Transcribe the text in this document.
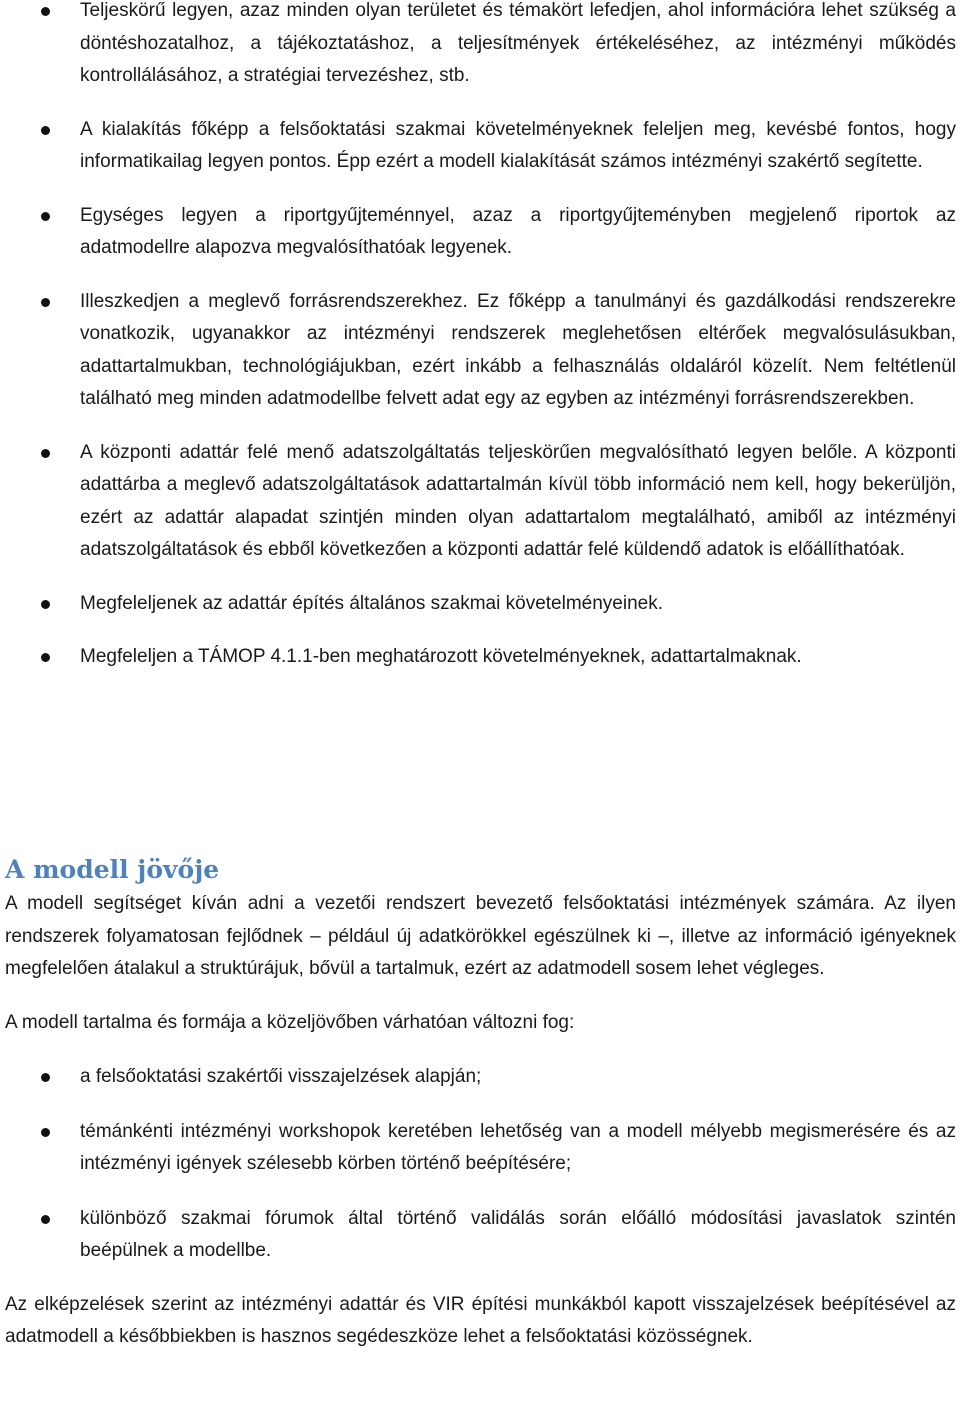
Teljeskörű legyen, azaz minden olyan területet és témakört lefedjen, ahol információra lehet szükség a döntéshozatalhoz, a tájékoztatáshoz, a teljesítmények értékeléséhez, az intézményi működés kontrollálásához, a stratégiai tervezéshez, stb.
A kialakítás főképp a felsőoktatási szakmai követelményeknek feleljen meg, kevésbé fontos, hogy informatikailag legyen pontos. Épp ezért a modell kialakítását számos intézményi szakértő segítette.
Egységes legyen a riportgyűjteménnyel, azaz a riportgyűjteményben megjelenő riportok az adatmodellre alapozva megvalósíthatóak legyenek.
Illeszkedjen a meglevő forrásrendszerekhez. Ez főképp a tanulmányi és gazdálkodási rendszerekre vonatkozik, ugyanakkor az intézményi rendszerek meglehetősen eltérőek megvalósulásukban, adattartalmukban, technológiájukban, ezért inkább a felhasználás oldaláról közelít. Nem feltétlenül található meg minden adatmodellbe felvett adat egy az egyben az intézményi forrásrendszerekben.
A központi adattár felé menő adatszolgáltatás teljeskörűen megvalósítható legyen belőle. A központi adattárba a meglevő adatszolgáltatások adattartalmán kívül több információ nem kell, hogy bekerüljön, ezért az adattár alapadat szintjén minden olyan adattartalom megtalálható, amiből az intézményi adatszolgáltatások és ebből következően a központi adattár felé küldendő adatok is előállíthatóak.
Megfeleljenek az adattár építés általános szakmai követelményeinek.
Megfeleljen a TÁMOP 4.1.1-ben meghatározott követelményeknek, adattartalmaknak.
A modell jövője

A modell segítséget kíván adni a vezetői rendszert bevezető felsőoktatási intézmények számára. Az ilyen rendszerek folyamatosan fejlődnek – például új adatkörökkel egészülnek ki –, illetve az információ igényeknek megfelelően átalakul a struktúrájuk, bővül a tartalmuk, ezért az adatmodell sosem lehet végleges.

A modell tartalma és formája a közeljövőben várhatóan változni fog:

a felsőoktatási szakértői visszajelzések alapján;
témánkénti intézményi workshopok keretében lehetőség van a modell mélyebb megismerésére és az intézményi igények szélesebb körben történő beépítésére;
különböző szakmai fórumok által történő validálás során előálló módosítási javaslatok szintén beépülnek a modellbe.

Az elképzelések szerint az intézményi adattár és VIR építési munkákból kapott visszajelzések beépítésével az adatmodell a későbbiekben is hasznos segédeszköze lehet a felsőoktatási közösségnek.
